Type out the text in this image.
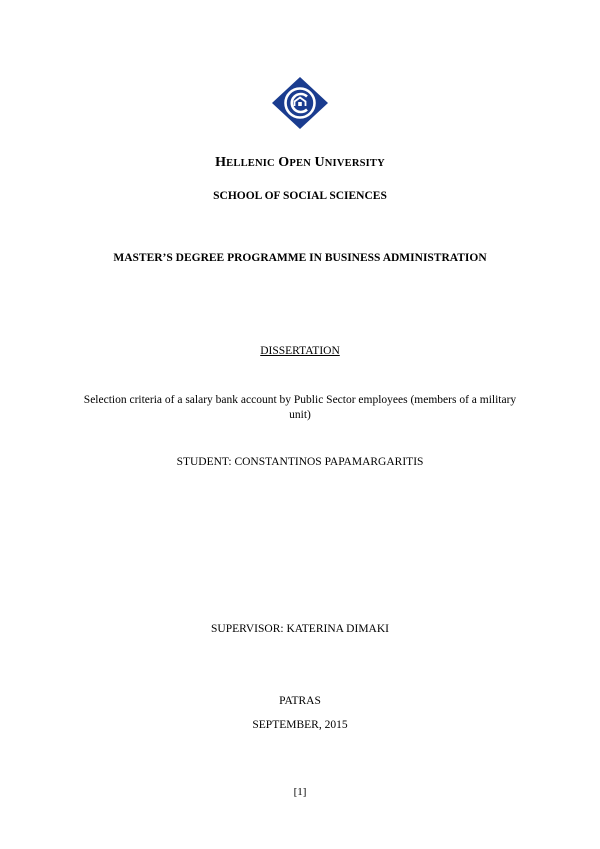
HELLENIC OPEN UNIVERSITY
SCHOOL OF SOCIAL SCIENCES
MASTER’S DEGREE PROGRAMME IN BUSINESS ADMINISTRATION
DISSERTATION
Selection criteria of a salary bank account by Public Sector employees (members of a military unit)
STUDENT: CONSTANTINOS PAPAMARGARITIS
SUPERVISOR: KATERINA DIMAKI
PATRAS
SEPTEMBER, 2015
[1]
